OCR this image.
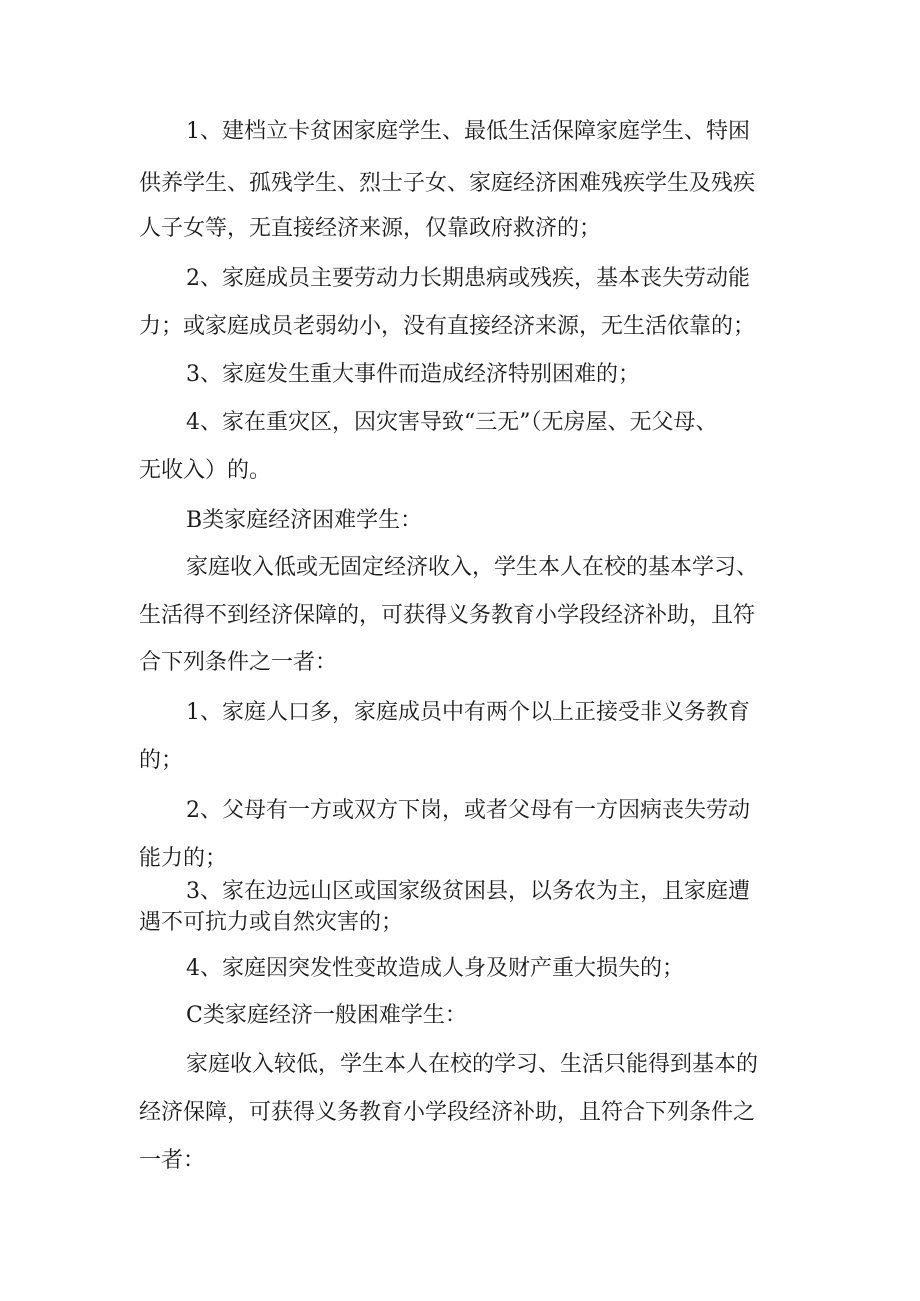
1、建档立卡贫困家庭学生、最低生活保障家庭学生、特困
供养学生、孤残学生、烈士子女、家庭经济困难残疾学生及残疾
人子女等，无直接经济来源，仅靠政府救济的；
2、家庭成员主要劳动力长期患病或残疾，基本丧失劳动能
力；或家庭成员老弱幼小，没有直接经济来源，无生活依靠的；
3、家庭发生重大事件而造成经济特别困难的；
4、家在重灾区，因灾害导致“三无”（无房屋、无父母、
无收入）的。
B类家庭经济困难学生：
家庭收入低或无固定经济收入，学生本人在校的基本学习、
生活得不到经济保障的，可获得义务教育小学段经济补助，且符
合下列条件之一者：
1、家庭人口多，家庭成员中有两个以上正接受非义务教育
的；
2、父母有一方或双方下岗，或者父母有一方因病丧失劳动
能力的；
3、家在边远山区或国家级贫困县，以务农为主，且家庭遭
遇不可抗力或自然灾害的；
4、家庭因突发性变故造成人身及财产重大损失的；
C类家庭经济一般困难学生：
家庭收入较低，学生本人在校的学习、生活只能得到基本的
经济保障，可获得义务教育小学段经济补助，且符合下列条件之
一者：
